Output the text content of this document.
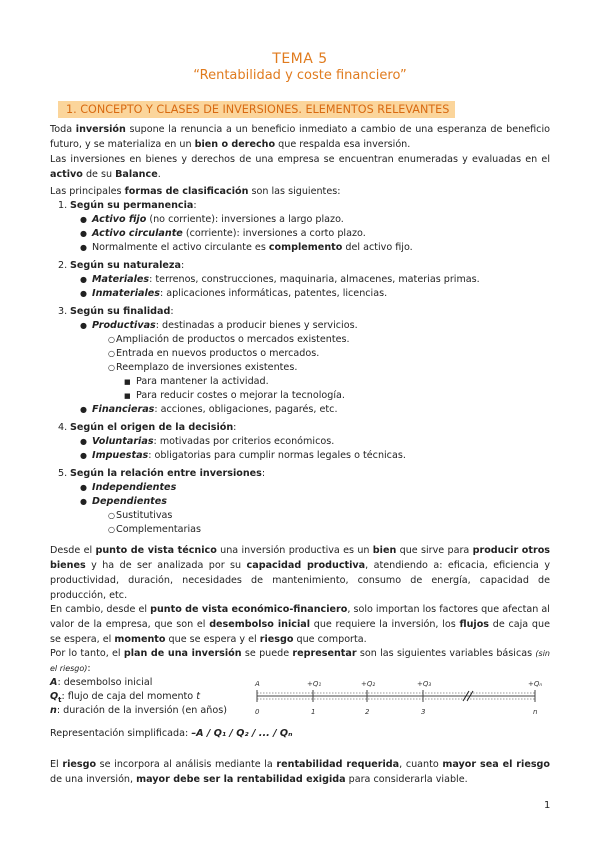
TEMA 5
“Rentabilidad y coste financiero”
1. CONCEPTO Y CLASES DE INVERSIONES. ELEMENTOS RELEVANTES
Toda inversión supone la renuncia a un beneficio inmediato a cambio de una esperanza de beneficio futuro, y se materializa en un bien o derecho que respalda esa inversión.
Las inversiones en bienes y derechos de una empresa se encuentran enumeradas y evaluadas en el activo de su Balance.
Las principales formas de clasificación son las siguientes:
1. Según su permanencia:
● Activo fijo (no corriente): inversiones a largo plazo.
● Activo circulante (corriente): inversiones a corto plazo.
● Normalmente el activo circulante es complemento del activo fijo.
2. Según su naturaleza:
● Materiales: terrenos, construcciones, maquinaria, almacenes, materias primas.
● Inmateriales: aplicaciones informáticas, patentes, licencias.
3. Según su finalidad:
● Productivas: destinadas a producir bienes y servicios.
○ Ampliación de productos o mercados existentes.
○ Entrada en nuevos productos o mercados.
○ Reemplazo de inversiones existentes.
■ Para mantener la actividad.
■ Para reducir costes o mejorar la tecnología.
● Financieras: acciones, obligaciones, pagarés, etc.
4. Según el origen de la decisión:
● Voluntarias: motivadas por criterios económicos.
● Impuestas: obligatorias para cumplir normas legales o técnicas.
5. Según la relación entre inversiones:
● Independientes
● Dependientes
○ Sustitutivas
○ Complementarias
Desde el punto de vista técnico una inversión productiva es un bien que sirve para producir otros bienes y ha de ser analizada por su capacidad productiva, atendiendo a: eficacia, eficiencia y productividad, duración, necesidades de mantenimiento, consumo de energía, capacidad de producción, etc.
En cambio, desde el punto de vista económico-financiero, solo importan los factores que afectan al valor de la empresa, que son el desembolso inicial que requiere la inversión, los flujos de caja que se espera, el momento que se espera y el riesgo que comporta.
Por lo tanto, el plan de una inversión se puede representar son las siguientes variables básicas (sin el riesgo):
A: desembolso inicial
$Q_t$: flujo de caja del momento t
n: duración de la inversión (en años)
A	+Q₁	+Q₂	+Q₃	+Qₙ
0	1	2	3	n
Representación simplificada: –A / Q₁ / Q₂ / ... / Qₙ
El riesgo se incorpora al análisis mediante la rentabilidad requerida, cuanto mayor sea el riesgo de una inversión, mayor debe ser la rentabilidad exigida para considerarla viable.
1
